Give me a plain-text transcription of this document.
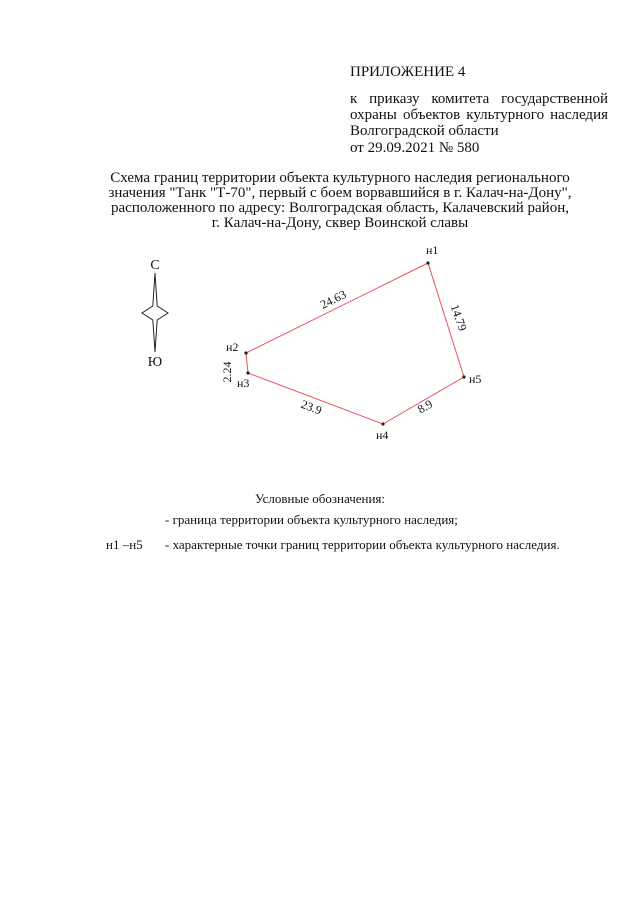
ПРИЛОЖЕНИЕ 4
к приказу комитета государственной
охраны объектов культурного наследия
Волгоградской области
от 29.09.2021 № 580
Схема границ территории объекта культурного наследия регионального
значения "Танк "Т-70", первый с боем ворвавшийся в г. Калач-на-Дону",
расположенного по адресу: Волгоградская область, Калачевский район,
г. Калач-на-Дону, сквер Воинской славы
С
Ю
н1
н2
н3
н4
н5
24.63
14.79
8.9
23.9
2.24
Условные обозначения:
- граница территории объекта культурного наследия;
н1 –н5 - характерные точки границ территории объекта культурного наследия.
